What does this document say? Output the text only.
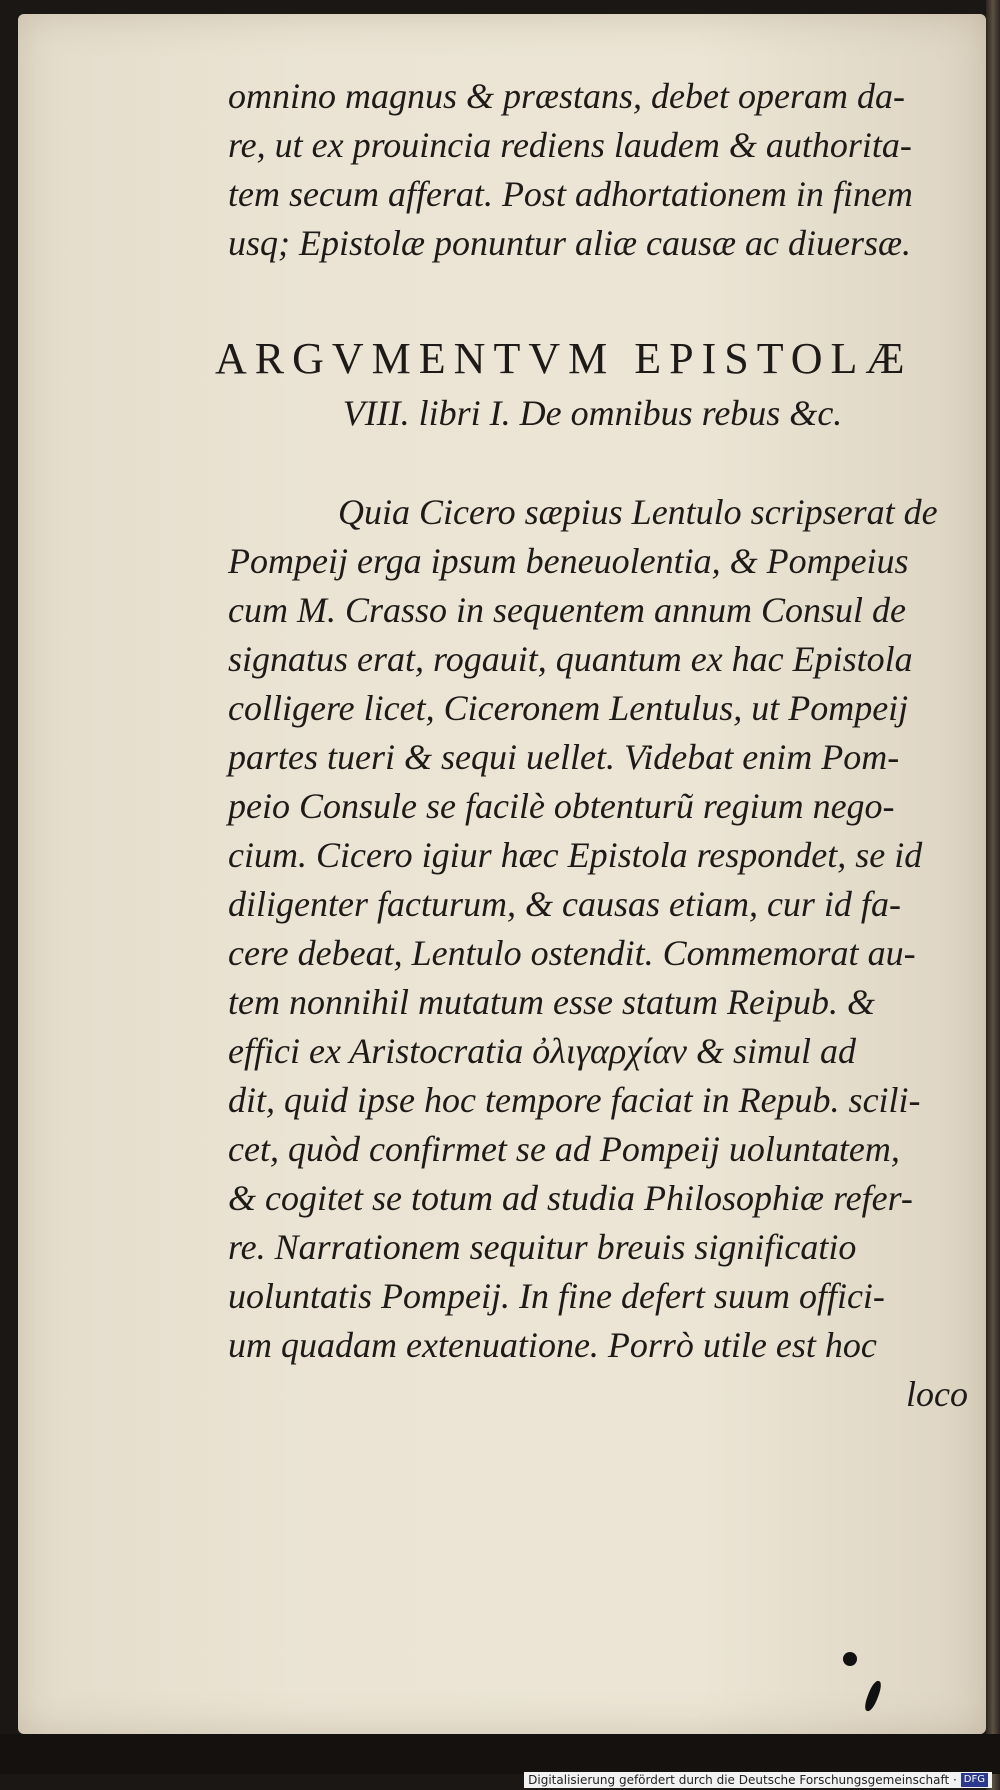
omnino magnus & præstans, debet operam da-
re, ut ex prouincia rediens laudem & authorita-
tem secum afferat. Post adhortationem in finem
usq; Epistolæ ponuntur aliæ causæ ac diuersæ.
ARGVMENTVM EPISTOLÆ
VIII. libri I. De omnibus rebus &c.
Quia Cicero sæpius Lentulo scripserat de
Pompeij erga ipsum beneuolentia, & Pompeius
cum M. Crasso in sequentem annum Consul de
signatus erat, rogauit, quantum ex hac Epistola
colligere licet, Ciceronem Lentulus, ut Pompeij
partes tueri & sequi uellet. Videbat enim Pom-
peio Consule se facilè obtenturũ regium nego-
cium. Cicero igiur hæc Epistola respondet, se id
diligenter facturum, & causas etiam, cur id fa-
cere debeat, Lentulo ostendit. Commemorat au-
tem nonnihil mutatum esse statum Reipub. &
effici ex Aristocratia ὀλιγαρχίαν & simul ad
dit, quid ipse hoc tempore faciat in Repub. scili-
cet, quòd confirmet se ad Pompeij uoluntatem,
& cogitet se totum ad studia Philosophiæ refer-
re. Narrationem sequitur breuis significatio
uoluntatis Pompeij. In fine defert suum offici-
um quadam extenuatione. Porrò utile est hoc
loco
Digitalisierung gefördert durch die Deutsche Forschungsgemeinschaft · DFG
